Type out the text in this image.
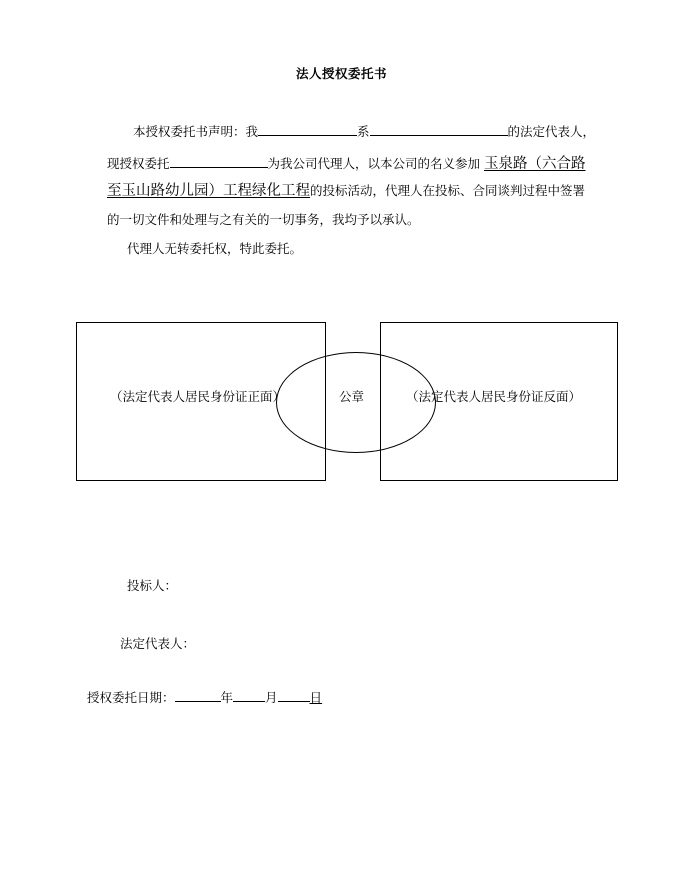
法人授权委托书
本授权委托书声明：我	系	的法定代表人，
现授权委托	为我公司代理人，以本公司的名义参加 玉泉路（六合路
至玉山路幼儿园）工程绿化工程的投标活动，代理人在投标、合同谈判过程中签署
的一切文件和处理与之有关的一切事务，我均予以承认。
代理人无转委托权，特此委托。
（法定代表人居民身份证正面）	公章	（法定代表人居民身份证反面）
投标人：
法定代表人：
授权委托日期：	年	月	日
